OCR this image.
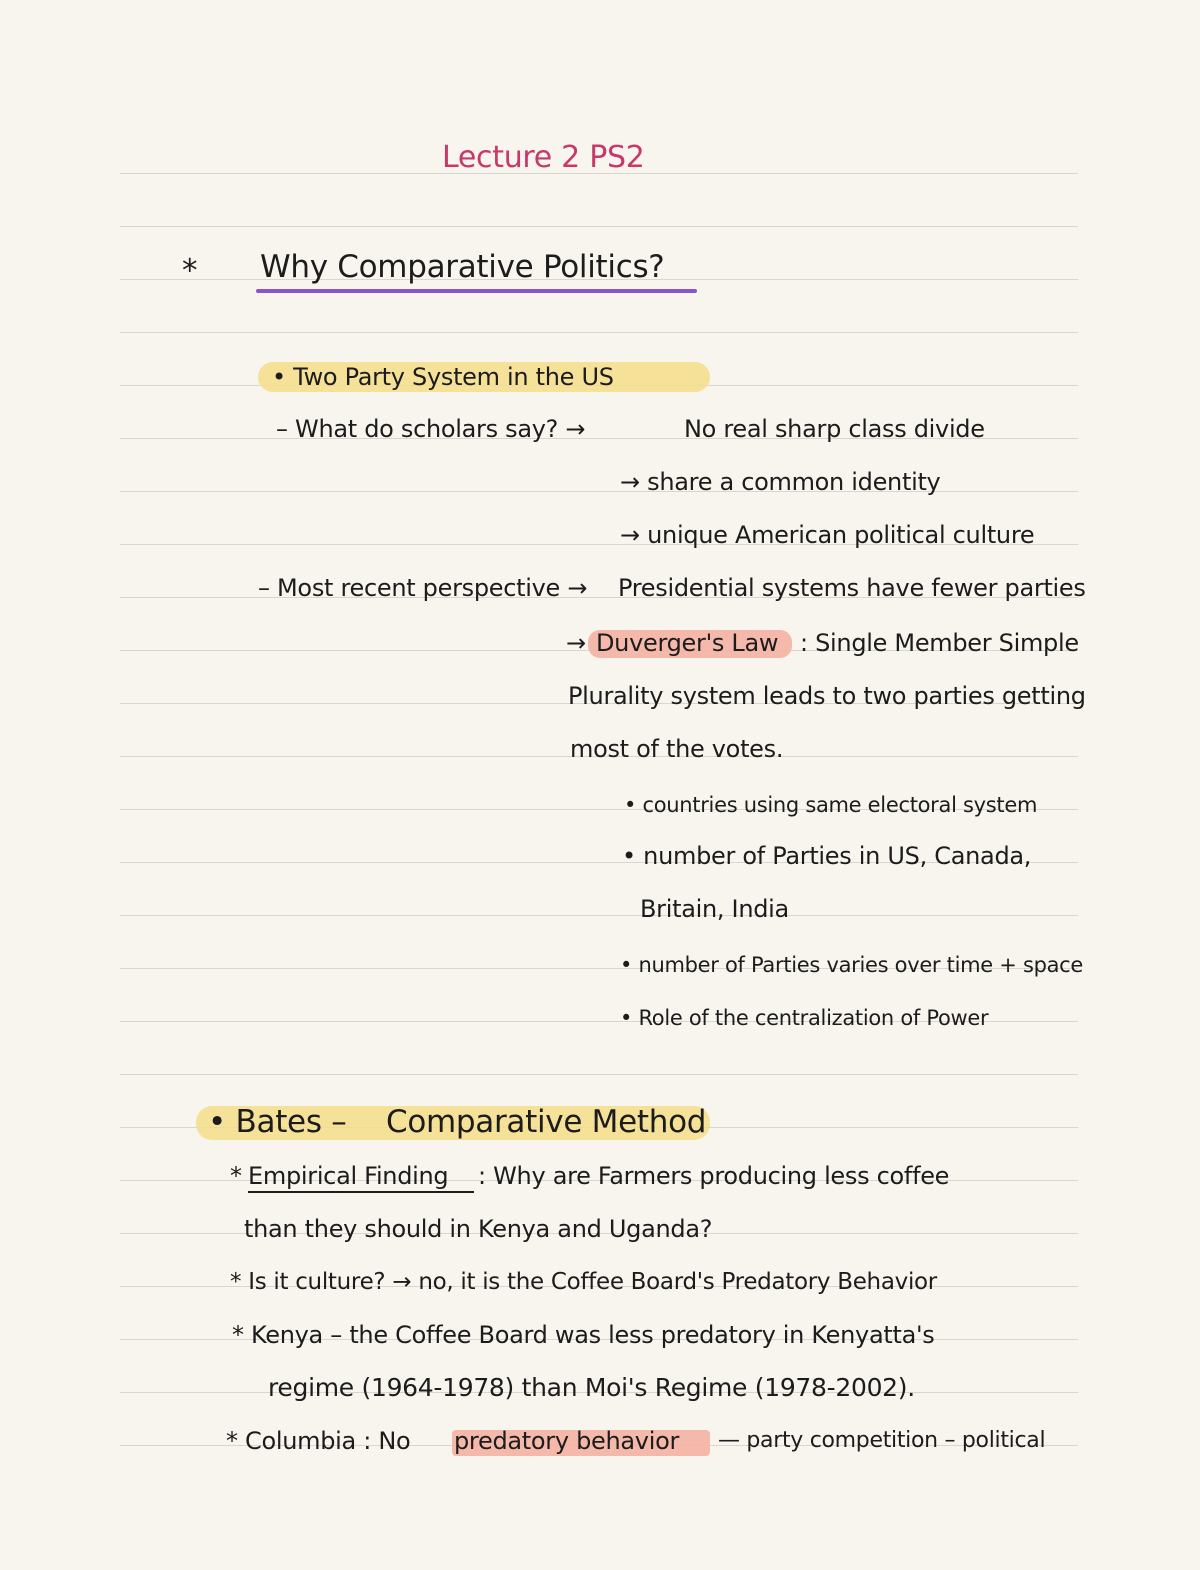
Lecture 2 PS2
* Why Comparative Politics?
• Two Party System in the US
– What do scholars say? →	No real sharp class divide
→ share a common identity
→ unique American political culture
– Most recent perspective → Presidential systems have fewer parties
→ Duverger's Law : Single Member Simple
Plurality system leads to two parties getting
most of the votes.
• countries using same electoral system
• number of Parties in US, Canada,
Britain, India
• number of Parties varies over time + space
• Role of the centralization of Power
• Bates – Comparative Method
* Empirical Finding : Why are Farmers producing less coffee
than they should in Kenya and Uganda?
* Is it culture? → no, it is the Coffee Board's Predatory Behavior
* Kenya – the Coffee Board was less predatory in Kenyatta's
regime (1964-1978) than Moi's Regime (1978-2002).
* Columbia : No predatory behavior — party competition – political
